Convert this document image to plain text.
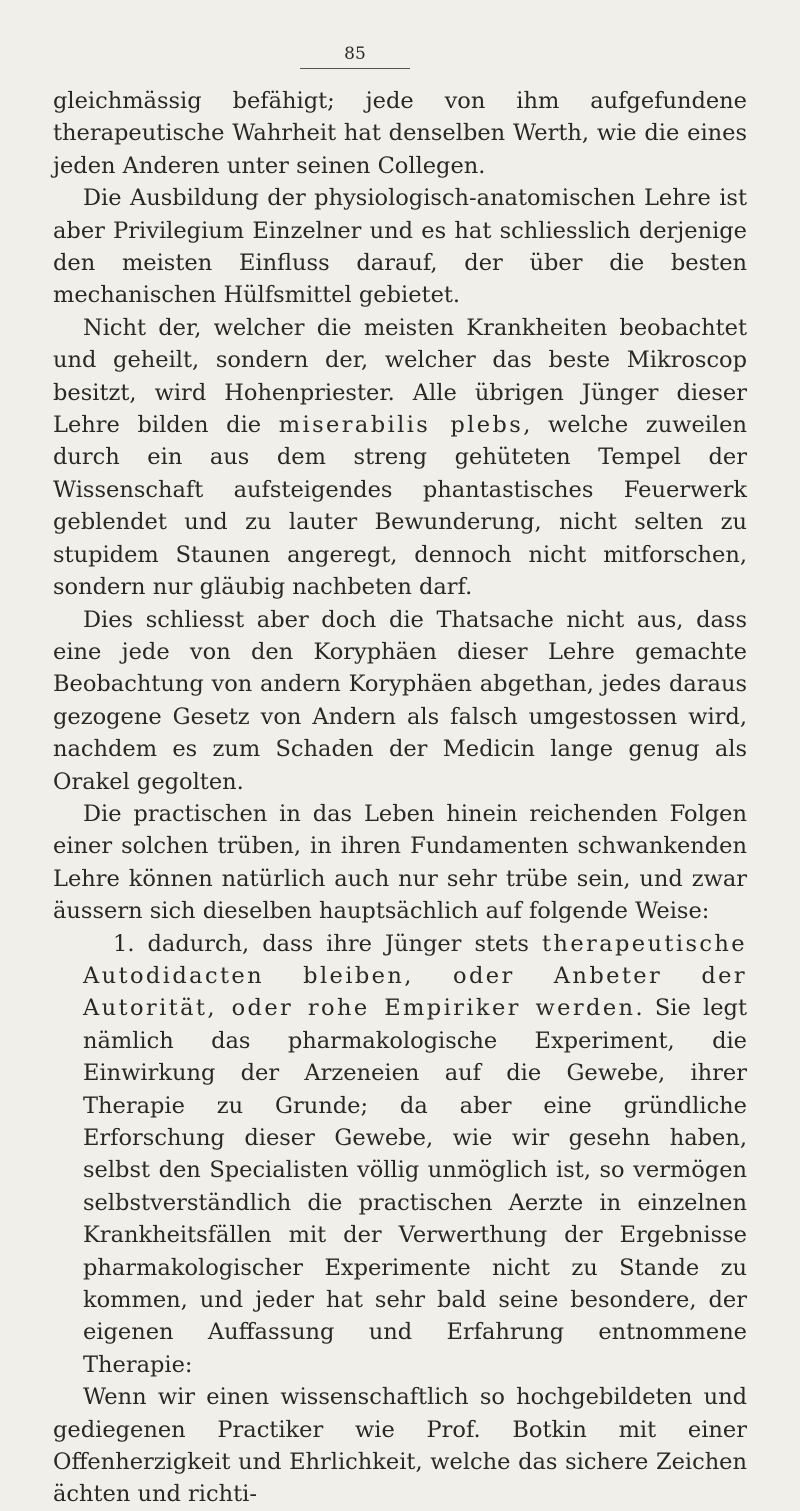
85

gleichmässig befähigt; jede von ihm aufgefundene therapeutische Wahrheit hat denselben Werth, wie die eines jeden Anderen unter seinen Collegen.

Die Ausbildung der physiologisch-anatomischen Lehre ist aber Privilegium Einzelner und es hat schliesslich derjenige den meisten Einfluss darauf, der über die besten mechanischen Hülfsmittel gebietet.

Nicht der, welcher die meisten Krankheiten beobachtet und geheilt, sondern der, welcher das beste Mikroscop besitzt, wird Hohenpriester. Alle übrigen Jünger dieser Lehre bilden die miserabilis plebs, welche zuweilen durch ein aus dem streng gehüteten Tempel der Wissenschaft aufsteigendes phantastisches Feuerwerk geblendet und zu lauter Bewunderung, nicht selten zu stupidem Staunen angeregt, dennoch nicht mitforschen, sondern nur gläubig nachbeten darf.

Dies schliesst aber doch die Thatsache nicht aus, dass eine jede von den Koryphäen dieser Lehre gemachte Beobachtung von andern Koryphäen abgethan, jedes daraus gezogene Gesetz von Andern als falsch umgestossen wird, nachdem es zum Schaden der Medicin lange genug als Orakel gegolten.

Die practischen in das Leben hinein reichenden Folgen einer solchen trüben, in ihren Fundamenten schwankenden Lehre können natürlich auch nur sehr trübe sein, und zwar äussern sich dieselben hauptsächlich auf folgende Weise:

1. dadurch, dass ihre Jünger stets therapeutische Autodidacten bleiben, oder Anbeter der Autorität, oder rohe Empiriker werden. Sie legt nämlich das pharmakologische Experiment, die Einwirkung der Arzeneien auf die Gewebe, ihrer Therapie zu Grunde; da aber eine gründliche Erforschung dieser Gewebe, wie wir gesehn haben, selbst den Specialisten völlig unmöglich ist, so vermögen selbstverständlich die practischen Aerzte in einzelnen Krankheitsfällen mit der Verwerthung der Ergebnisse pharmakologischer Experimente nicht zu Stande zu kommen, und jeder hat sehr bald seine besondere, der eigenen Auffassung und Erfahrung entnommene Therapie:

Wenn wir einen wissenschaftlich so hochgebildeten und gediegenen Practiker wie Prof. Botkin mit einer Offenherzigkeit und Ehrlichkeit, welche das sichere Zeichen ächten und richti-
